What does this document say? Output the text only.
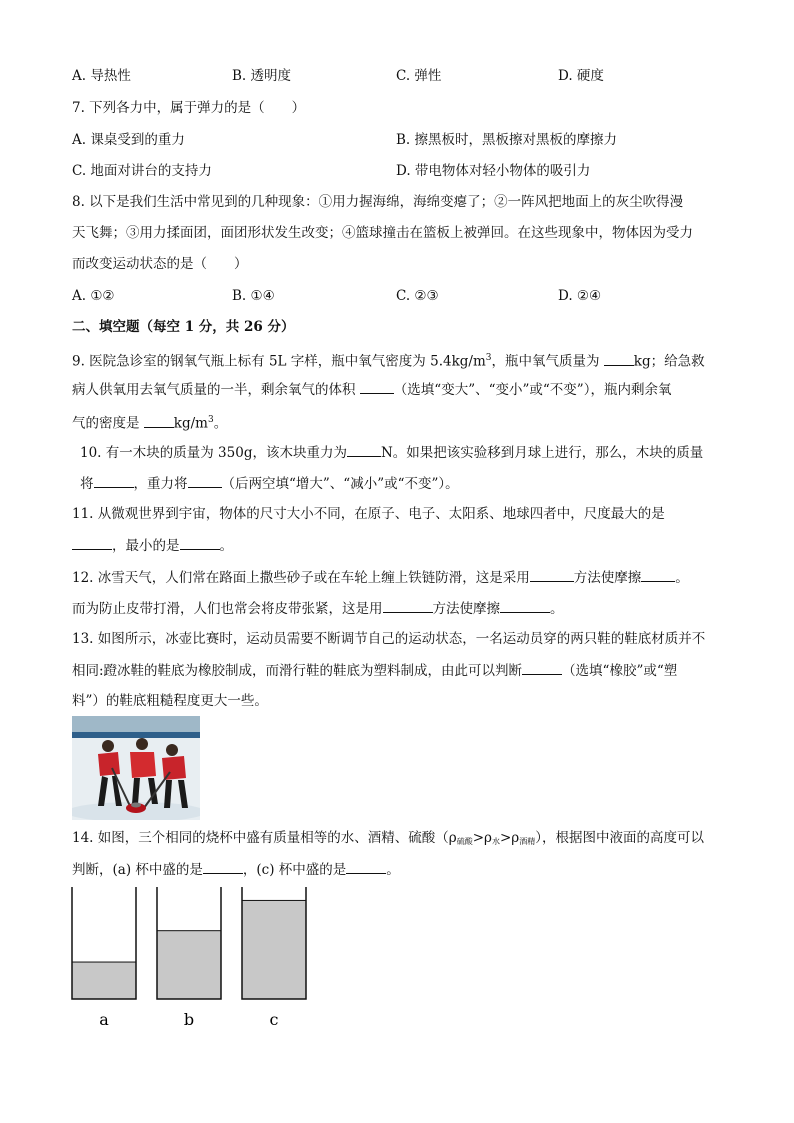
A. 导热性	B. 透明度	C. 弹性	D. 硬度
7. 下列各力中，属于弹力的是（　　）
A. 课桌受到的重力	B. 擦黑板时，黑板擦对黑板的摩擦力
C. 地面对讲台的支持力	D. 带电物体对轻小物体的吸引力
8. 以下是我们生活中常见到的几种现象：①用力握海绵，海绵变瘪了；②一阵风把地面上的灰尘吹得漫
天飞舞；③用力揉面团，面团形状发生改变；④篮球撞击在篮板上被弹回。在这些现象中，物体因为受力
而改变运动状态的是（　　）
A. ①②	B. ①④	C. ②③	D. ②④
二、填空题（每空 1 分，共 26 分）
9. 医院急诊室的钢氧气瓶上标有 5L 字样，瓶中氧气密度为 $5.4kg/m^3$，瓶中氧气质量为 kg；给急救
病人供氧用去氧气质量的一半，剩余氧气的体积	（选填“变大”、“变小”或“不变”），瓶内剩余氧
气的密度是 $kg/m^3$。
10. 有一木块的质量为 350g，该木块重力为	N。如果把该实验移到月球上进行，那么，木块的质量
将	，重力将	（后两空填“增大”、“减小”或“不变”）。
11. 从微观世界到宇宙，物体的尺寸大小不同，在原子、电子、太阳系、地球四者中，尺度最大的是
，最小的是	。
12. 冰雪天气，人们常在路面上撒些砂子或在车轮上缠上铁链防滑，这是采用	方法使摩擦	。
而为防止皮带打滑，人们也常会将皮带张紧，这是用	方法使摩擦	。
13. 如图所示，冰壶比赛时，运动员需要不断调节自己的运动状态，一名运动员穿的两只鞋的鞋底材质并不
相同:蹬冰鞋的鞋底为橡胶制成，而滑行鞋的鞋底为塑料制成，由此可以判断	（选填“橡胶”或“塑
料”）的鞋底粗糙程度更大一些。
14. 如图，三个相同的烧杯中盛有质量相等的水、酒精、硫酸$(\rho_{硫酸}>\rho_水>\rho_{酒精})$，根据图中液面的高度可以
判断，(a) 杯中盛的是	，(c) 杯中盛的是	。
a	b	c
